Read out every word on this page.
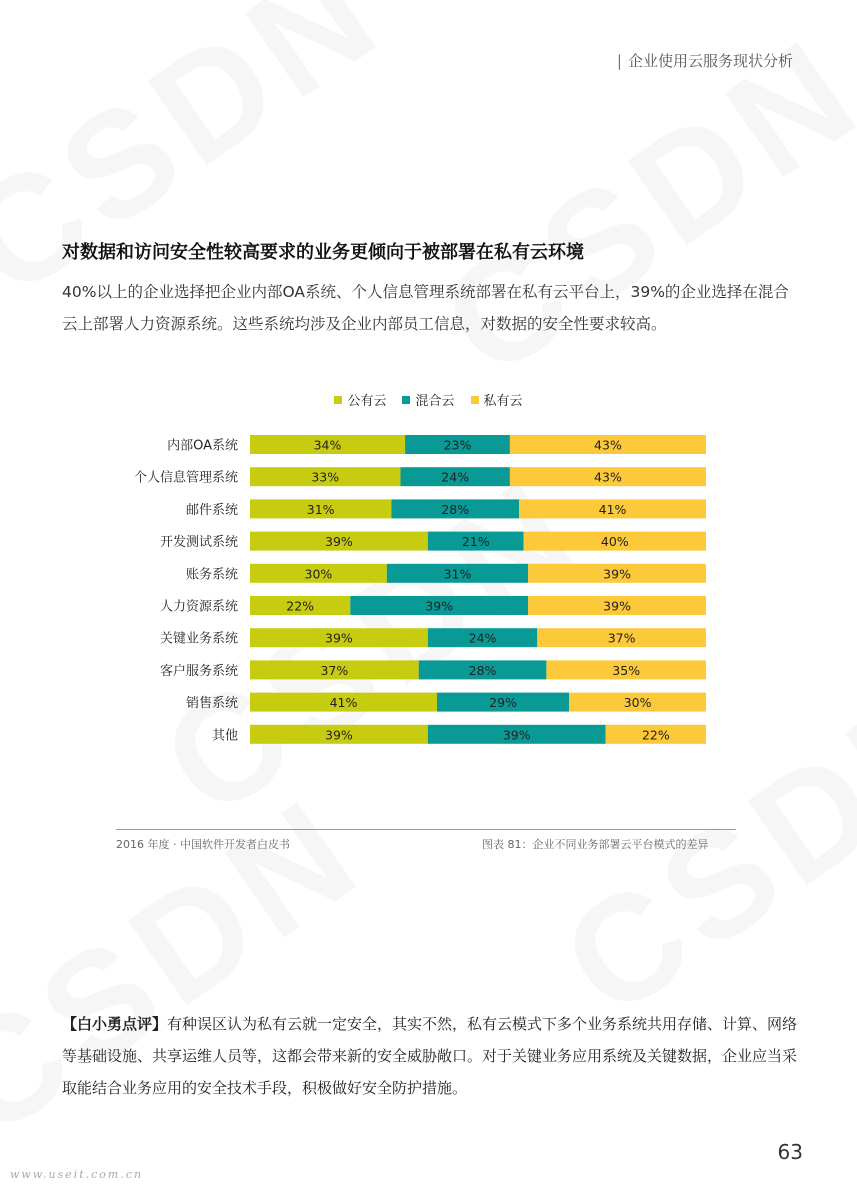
| 企业使用云服务现状分析
对数据和访问安全性较高要求的业务更倾向于被部署在私有云环境
40%以上的企业选择把企业内部OA系统、个人信息管理系统部署在私有云平台上，39%的企业选择在混合云上部署人力资源系统。这些系统均涉及企业内部员工信息，对数据的安全性要求较高。
公有云 混合云 私有云
内部OA系统	34%	23%	43%
个人信息管理系统	33%	24%	43%
邮件系统	31%	28%	41%
开发测试系统	39%	21%	40%
账务系统	30%	31%	39%
人力资源系统	22%	39%	39%
关键业务系统	39%	24%	37%
客户服务系统	37%	28%	35%
销售系统	41%	29%	30%
其他	39%	39%	22%
2016 年度 · 中国软件开发者白皮书	图表 81：企业不同业务部署云平台模式的差异
【白小勇点评】有种误区认为私有云就一定安全，其实不然，私有云模式下多个业务系统共用存储、计算、网络等基础设施、共享运维人员等，这都会带来新的安全威胁敞口。对于关键业务应用系统及关键数据，企业应当采取能结合业务应用的安全技术手段，积极做好安全防护措施。
63
www.useit.com.cn
